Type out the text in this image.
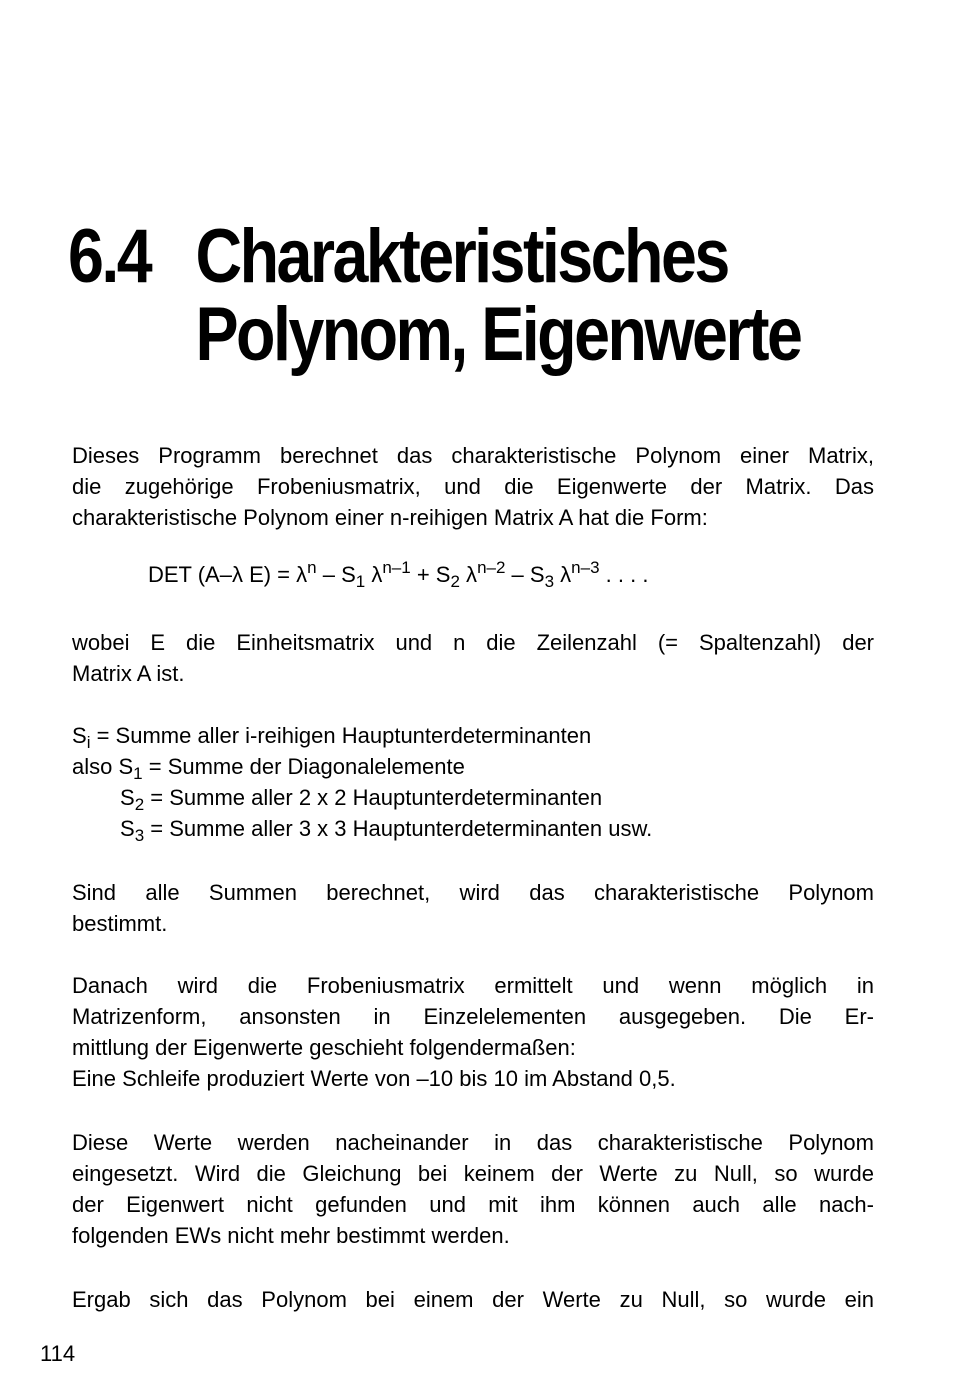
6.4 Charakteristisches
Polynom, Eigenwerte
Dieses Programm berechnet das charakteristische Polynom einer Matrix,
die zugehörige Frobeniusmatrix, und die Eigenwerte der Matrix. Das
charakteristische Polynom einer n-reihigen Matrix A hat die Form:
DET (A–λ $E) = \lambda^n - S_1$ $\lambda^{n-1} + S_2$ $\lambda^{n-2} - S_3$ $\lambda^{n-3}$ . . . .
wobei E die Einheitsmatrix und n die Zeilenzahl (= Spaltenzahl) der
Matrix A ist.
$S_i$ = Summe aller i-reihigen Hauptunterdeterminanten
also $S_1$ = Summe der Diagonalelemente
$S_2$ = Summe aller 2 x 2 Hauptunterdeterminanten
$S_3$ = Summe aller 3 x 3 Hauptunterdeterminanten usw.
Sind alle Summen berechnet, wird das charakteristische Polynom
bestimmt.
Danach wird die Frobeniusmatrix ermittelt und wenn möglich in
Matrizenform, ansonsten in Einzelelementen ausgegeben. Die Er-
mittlung der Eigenwerte geschieht folgendermaßen:
Eine Schleife produziert Werte von –10 bis 10 im Abstand 0,5.
Diese Werte werden nacheinander in das charakteristische Polynom
eingesetzt. Wird die Gleichung bei keinem der Werte zu Null, so wurde
der Eigenwert nicht gefunden und mit ihm können auch alle nach-
folgenden EWs nicht mehr bestimmt werden.
Ergab sich das Polynom bei einem der Werte zu Null, so wurde ein
114
